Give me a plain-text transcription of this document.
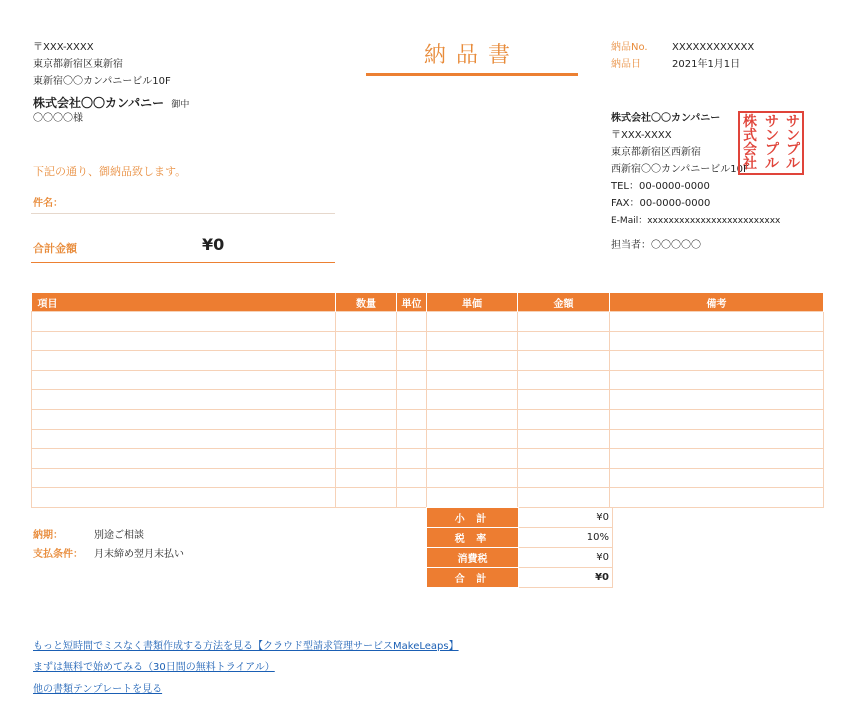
〒XXX-XXXX
東京都新宿区東新宿
東新宿〇〇カンパニービル10F
株式会社〇〇カンパニー 御中
〇〇〇〇様
納品書	納品No. XXXXXXXXXXXX
納品日	2021年1月1日
下記の通り、御納品致します。
件名：
合計金額	¥0
株式会社〇〇カンパニー
〒XXX-XXXX
東京都新宿区西新宿
西新宿〇〇カンパニービル10F
TEL：00-0000-0000
FAX：00-0000-0000
E-Mail：xxxxxxxxxxxxxxxxxxxxxxxxx
担当者：〇〇〇〇〇
サ
ン
プ
ル
サ
ン
プ
ル
株
式
会
社
項目	数量	単位	単価	金額	備考

小 計	¥0
税 率	10%
消費税	¥0
合 計	¥0
納期：	別途ご相談
支払条件： 月末締め翌月末払い
もっと短時間でミスなく書類作成する方法を見る【クラウド型請求管理サービスMakeLeaps】
まずは無料で始めてみる（30日間の無料トライアル）
他の書類テンプレートを見る
